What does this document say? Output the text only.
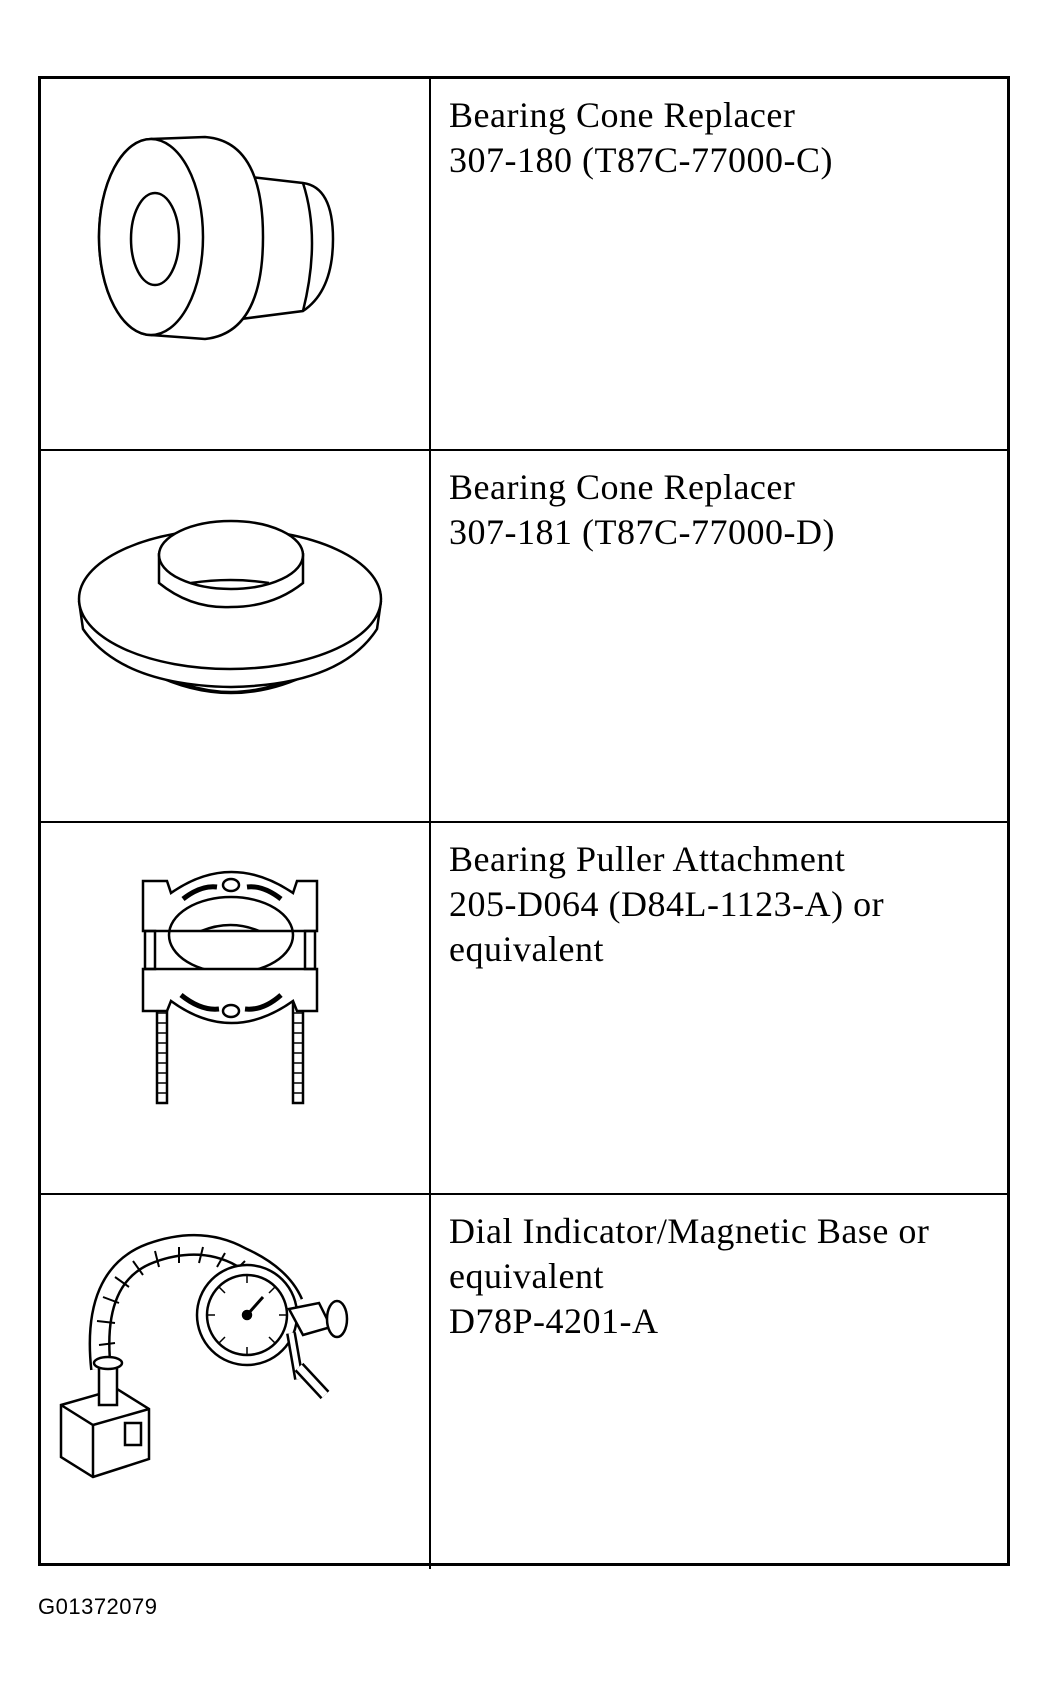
Bearing Cone Replacer
307-180 (T87C-77000-C)
Bearing Cone Replacer
307-181 (T87C-77000-D)
Bearing Puller Attachment
205-D064 (D84L-1123-A) or
equivalent
Dial Indicator/Magnetic Base or
equivalent
D78P-4201-A
G01372079
